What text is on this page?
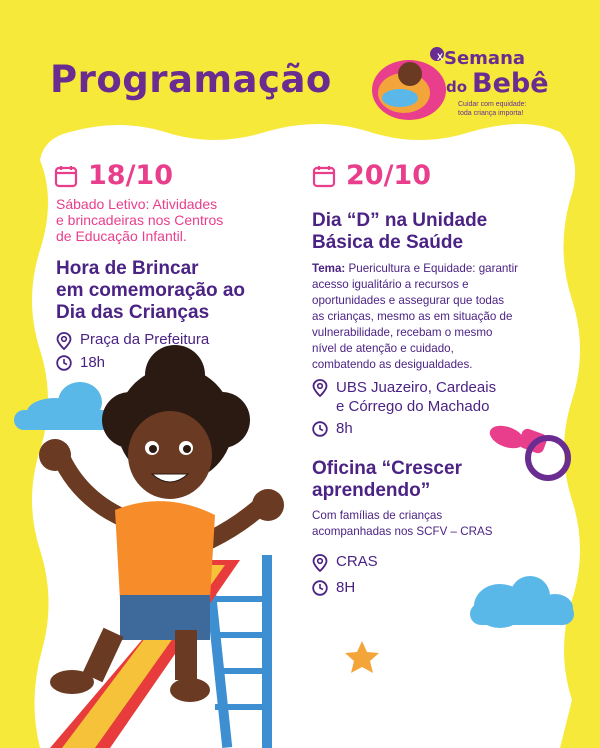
Programação
X Semana
do Bebê
Cuidar com equidade:
toda criança importa!
18/10
Sábado Letivo: Atividades
e brincadeiras nos Centros
de Educação Infantil.
Hora de Brincar
em comemoração ao
Dia das Crianças
Praça da Prefeitura
18h
20/10
Dia “D” na Unidade
Básica de Saúde
Tema: Puericultura e Equidade: garantir
acesso igualitário a recursos e
oportunidades e assegurar que todas
as crianças, mesmo as em situação de
vulnerabilidade, recebam o mesmo
nível de atenção e cuidado,
combatendo as desigualdades.
UBS Juazeiro, Cardeais
e Córrego do Machado
8h
Oficina “Crescer
aprendendo”
Com famílias de crianças
acompanhadas nos SCFV – CRAS
CRAS
8H
